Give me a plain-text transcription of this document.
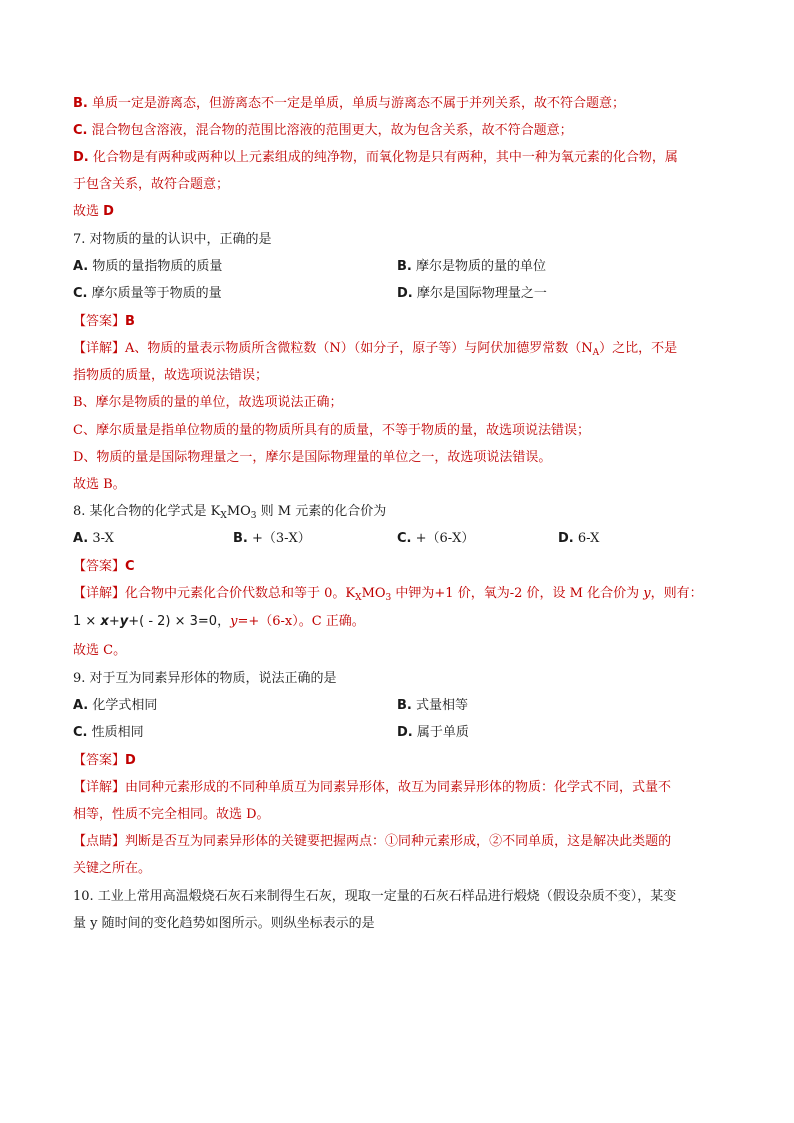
B. 单质一定是游离态，但游离态不一定是单质，单质与游离态不属于并列关系，故不符合题意；
C. 混合物包含溶液，混合物的范围比溶液的范围更大，故为包含关系，故不符合题意；
D. 化合物是有两种或两种以上元素组成的纯净物，而氧化物是只有两种，其中一种为氧元素的化合物，属
于包含关系，故符合题意；
故选 D
7. 对物质的量的认识中，正确的是
A. 物质的量指物质的质量	B. 摩尔是物质的量的单位
C. 摩尔质量等于物质的量	D. 摩尔是国际物理量之一
【答案】B
【详解】A、物质的量表示物质所含微粒数（N）（如分子，原子等）与阿伏加德罗常数$(N_A)$之比，不是
指物质的质量，故选项说法错误；
B、摩尔是物质的量的单位，故选项说法正确；
C、摩尔质量是指单位物质的量的物质所具有的质量，不等于物质的量，故选项说法错误；
D、物质的量是国际物理量之一，摩尔是国际物理量的单位之一，故选项说法错误。
故选 B。
8. 某化合物的化学式是 $K_XMO_3$ 则 M 元素的化合价为
A. 3-X	B. +（3-X）	C. +（6-X）	D. 6-X
【答案】C
【详解】化合物中元素化合价代数总和等于 0。$K_XMO_3$ 中钾为+1 价，氧为-2 价，设 M 化合价为 y，则有：
1 × x+y+( - 2) × 3=0，y=+（6-x）。C 正确。
故选 C。
9. 对于互为同素异形体的物质，说法正确的是
A. 化学式相同	B. 式量相等
C. 性质相同	D. 属于单质
【答案】D
【详解】由同种元素形成的不同种单质互为同素异形体，故互为同素异形体的物质：化学式不同，式量不
相等，性质不完全相同。故选 D。
【点睛】判断是否互为同素异形体的关键要把握两点：①同种元素形成，②不同单质，这是解决此类题的
关键之所在。
10. 工业上常用高温煅烧石灰石来制得生石灰，现取一定量的石灰石样品进行煅烧（假设杂质不变），某变
量 y 随时间的变化趋势如图所示。则纵坐标表示的是
